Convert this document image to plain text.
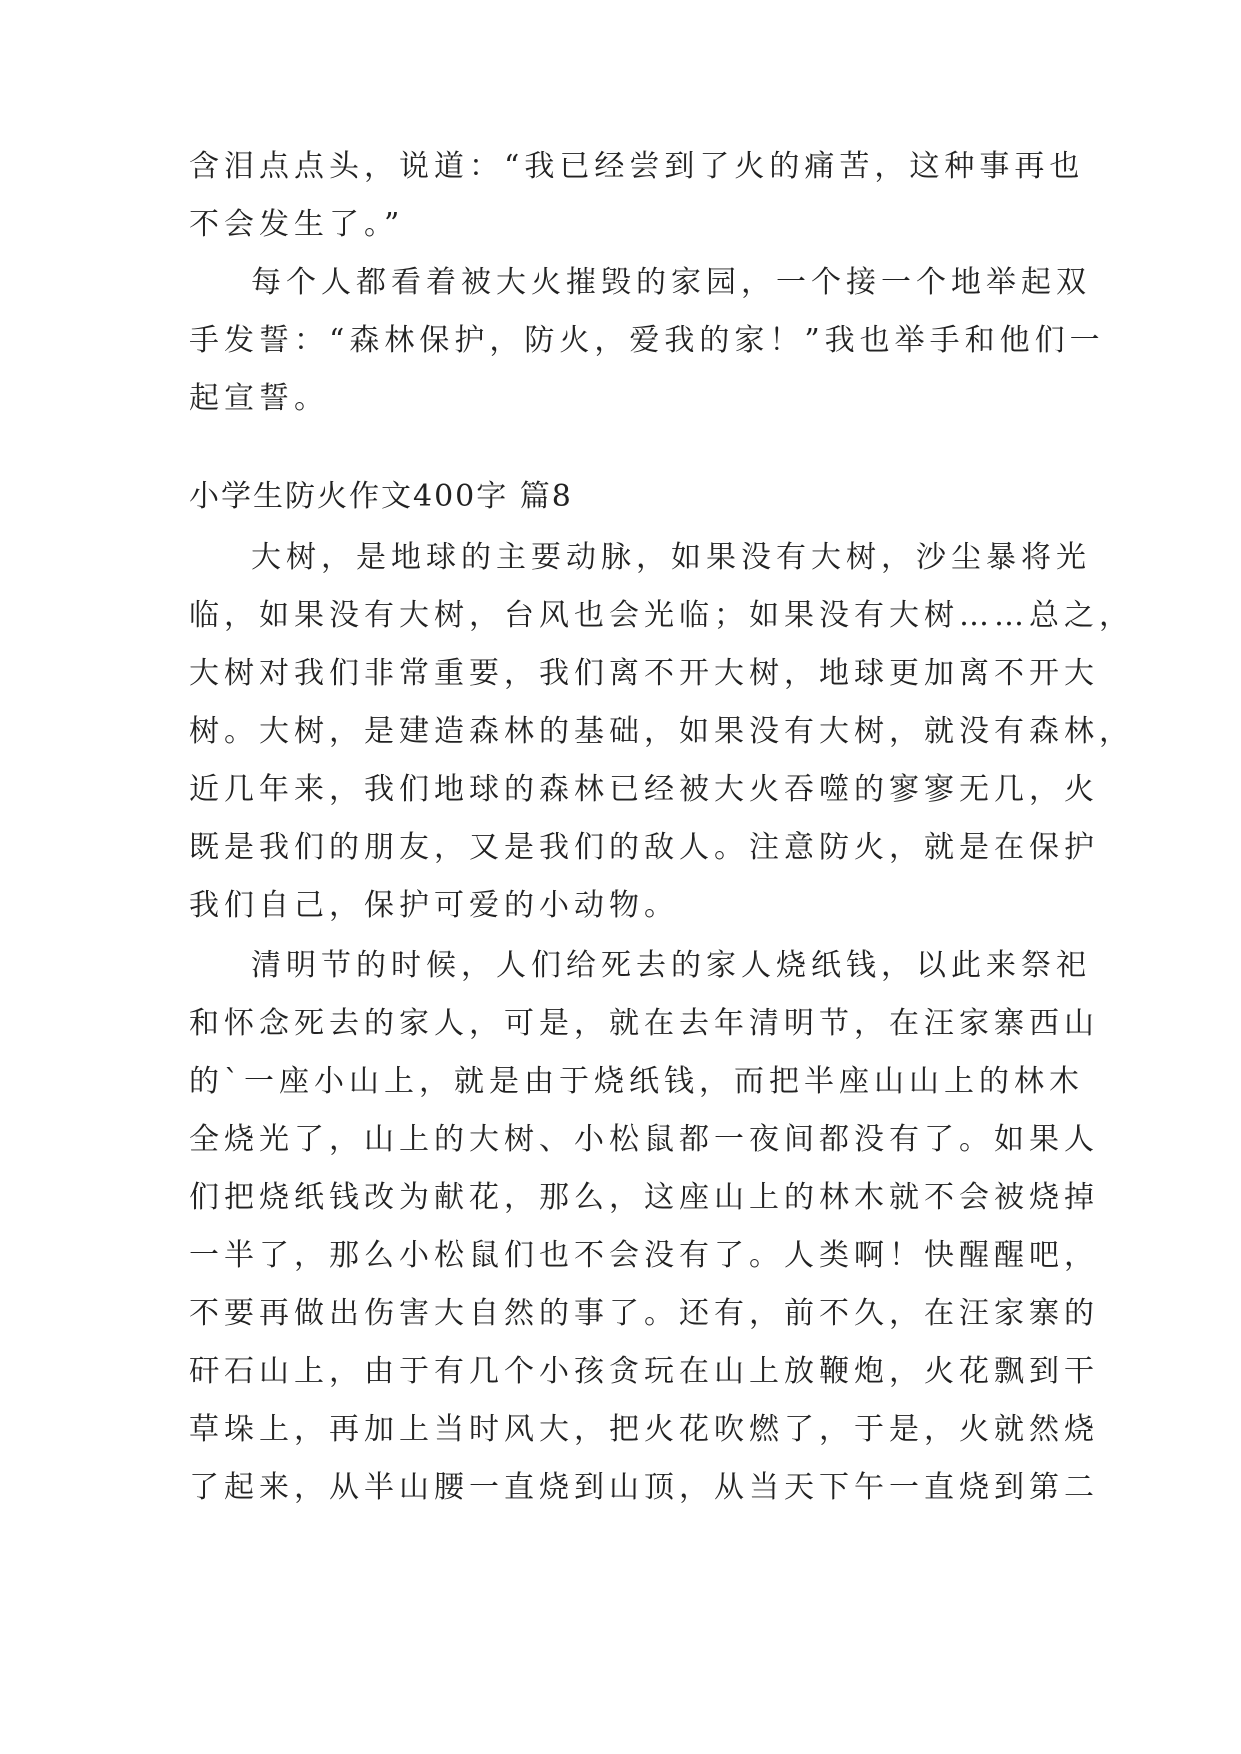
含泪点点头，说道：“我已经尝到了火的痛苦，这种事再也
不会发生了。”
每个人都看着被大火摧毁的家园，一个接一个地举起双
手发誓：“森林保护，防火，爱我的家！”我也举手和他们一
起宣誓。
小学生防火作文400字 篇8
大树，是地球的主要动脉，如果没有大树，沙尘暴将光
临，如果没有大树，台风也会光临；如果没有大树……总之，
大树对我们非常重要，我们离不开大树，地球更加离不开大
树。大树，是建造森林的基础，如果没有大树，就没有森林，
近几年来，我们地球的森林已经被大火吞噬的寥寥无几，火
既是我们的朋友，又是我们的敌人。注意防火，就是在保护
我们自己，保护可爱的小动物。
清明节的时候，人们给死去的家人烧纸钱，以此来祭祀
和怀念死去的家人，可是，就在去年清明节，在汪家寨西山
的`一座小山上，就是由于烧纸钱，而把半座山山上的林木
全烧光了，山上的大树、小松鼠都一夜间都没有了。如果人
们把烧纸钱改为献花，那么，这座山上的林木就不会被烧掉
一半了，那么小松鼠们也不会没有了。人类啊！快醒醒吧，
不要再做出伤害大自然的事了。还有，前不久，在汪家寨的
矸石山上，由于有几个小孩贪玩在山上放鞭炮，火花飘到干
草垛上，再加上当时风大，把火花吹燃了，于是，火就然烧
了起来，从半山腰一直烧到山顶，从当天下午一直烧到第二
